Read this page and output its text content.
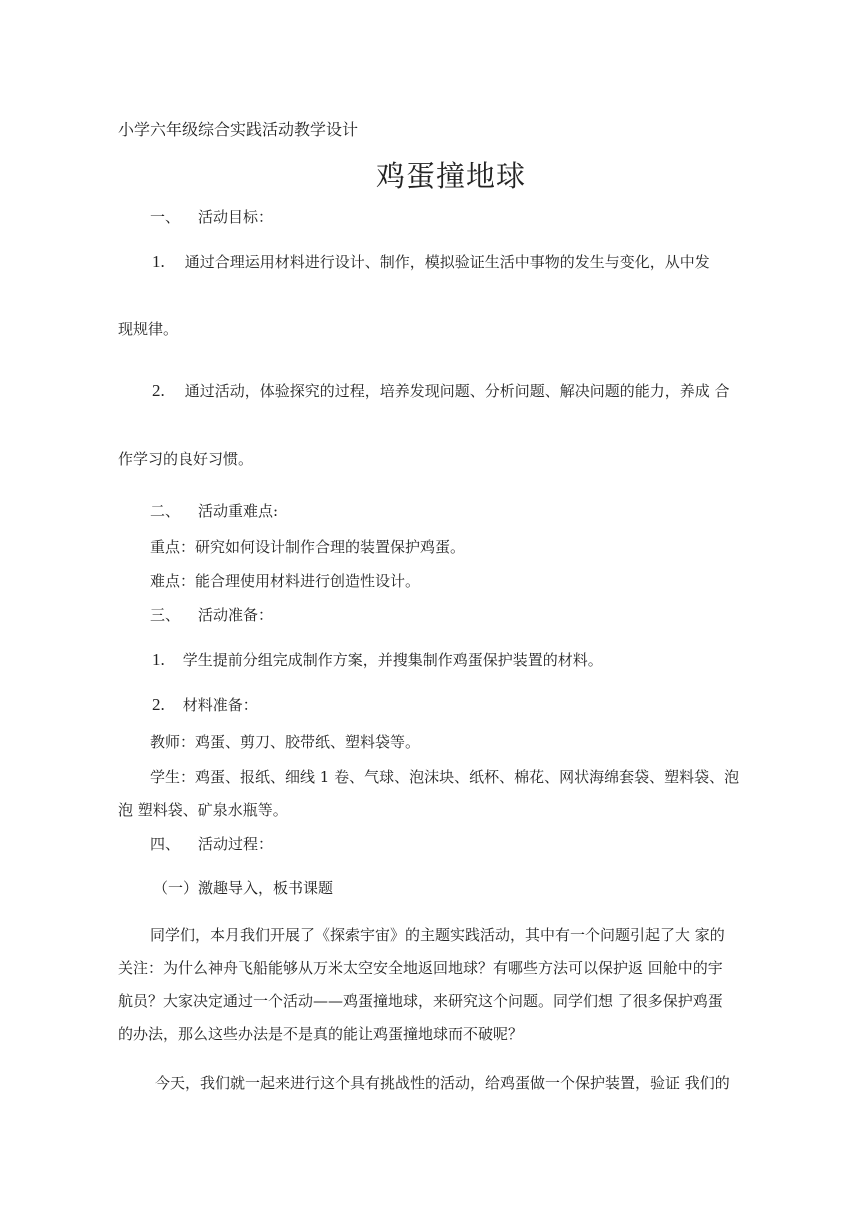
小学六年级综合实践活动教学设计
鸡蛋撞地球
一、 活动目标：
1. 通过合理运用材料进行设计、制作，模拟验证生活中事物的发生与变化，从中发
现规律。
2. 通过活动，体验探究的过程，培养发现问题、分析问题、解决问题的能力，养成 合
作学习的良好习惯。
二、 活动重难点:
重点：研究如何设计制作合理的装置保护鸡蛋。
难点：能合理使用材料进行创造性设计。
三、 活动准备：
1. 学生提前分组完成制作方案，并搜集制作鸡蛋保护装置的材料。
2. 材料准备：
教师：鸡蛋、剪刀、胶带纸、塑料袋等。
学生：鸡蛋、报纸、细线 1 卷、气球、泡沫块、纸杯、棉花、网状海绵套袋、塑料袋、泡
泡 塑料袋、矿泉水瓶等。
四、 活动过程：
（一）激趣导入，板书课题
同学们，本月我们开展了《探索宇宙》的主题实践活动，其中有一个问题引起了大 家的
关注：为什么神舟飞船能够从万米太空安全地返回地球？有哪些方法可以保护返 回舱中的宇
航员？大家决定通过一个活动——鸡蛋撞地球，来研究这个问题。同学们想 了很多保护鸡蛋
的办法，那么这些办法是不是真的能让鸡蛋撞地球而不破呢？
今天，我们就一起来进行这个具有挑战性的活动，给鸡蛋做一个保护装置，验证 我们的
